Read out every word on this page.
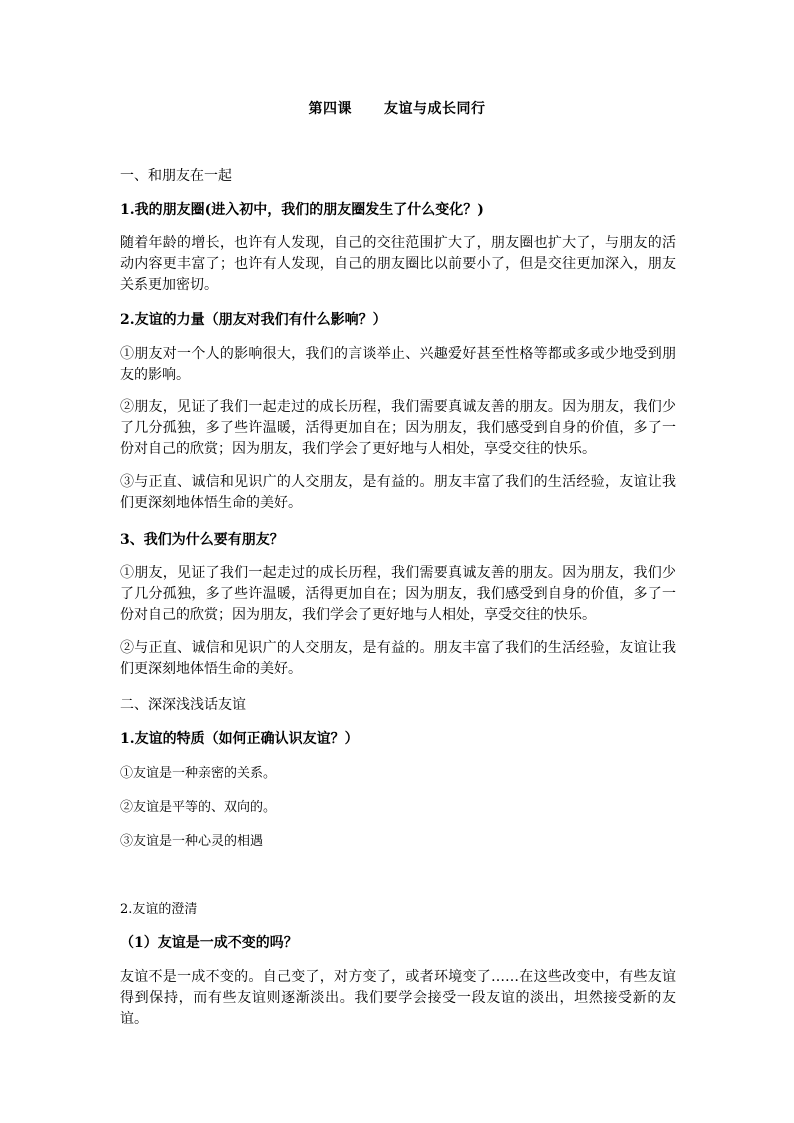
第四课 友谊与成长同行
一、和朋友在一起
1.我的朋友圈(进入初中，我们的朋友圈发生了什么变化？)
随着年龄的增长，也许有人发现，自己的交往范围扩大了，朋友圈也扩大了，与朋友的活动内容更丰富了；也许有人发现，自己的朋友圈比以前要小了，但是交往更加深入，朋友关系更加密切。
2.友谊的力量（朋友对我们有什么影响？）
①朋友对一个人的影响很大，我们的言谈举止、兴趣爱好甚至性格等都或多或少地受到朋友的影响。
②朋友，见证了我们一起走过的成长历程，我们需要真诚友善的朋友。因为朋友，我们少了几分孤独，多了些许温暖，活得更加自在；因为朋友，我们感受到自身的价值，多了一份对自己的欣赏；因为朋友，我们学会了更好地与人相处，享受交往的快乐。
③与正直、诚信和见识广的人交朋友，是有益的。朋友丰富了我们的生活经验，友谊让我们更深刻地体悟生命的美好。
3、我们为什么要有朋友？
①朋友，见证了我们一起走过的成长历程，我们需要真诚友善的朋友。因为朋友，我们少了几分孤独，多了些许温暖，活得更加自在；因为朋友，我们感受到自身的价值，多了一份对自己的欣赏；因为朋友，我们学会了更好地与人相处，享受交往的快乐。
②与正直、诚信和见识广的人交朋友，是有益的。朋友丰富了我们的生活经验，友谊让我们更深刻地体悟生命的美好。
二、深深浅浅话友谊
1.友谊的特质（如何正确认识友谊？）
①友谊是一种亲密的关系。
②友谊是平等的、双向的。
③友谊是一种心灵的相遇
2.友谊的澄清
（1）友谊是一成不变的吗？
友谊不是一成不变的。自己变了，对方变了，或者环境变了……在这些改变中，有些友谊得到保持，而有些友谊则逐渐淡出。我们要学会接受一段友谊的淡出，坦然接受新的友谊。
